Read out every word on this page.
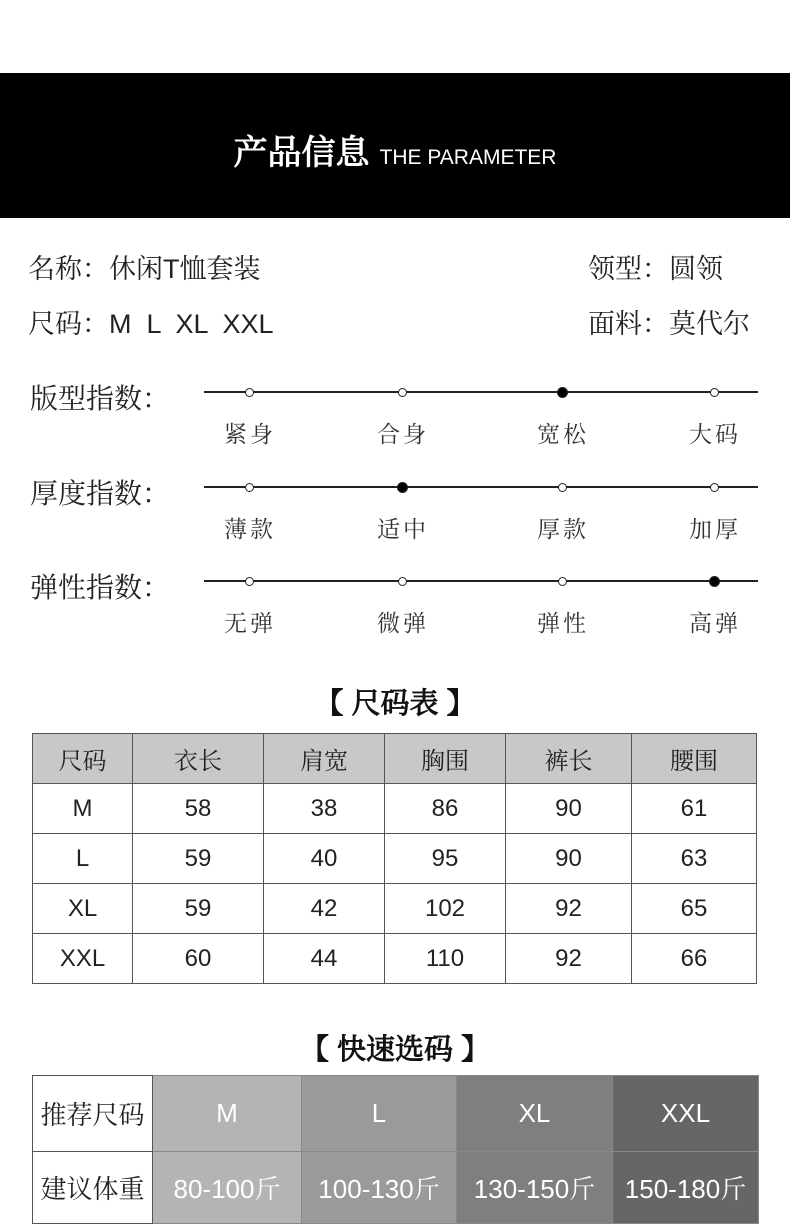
产品信息 THE PARAMETER
名称：休闲T恤套装	领型：圆领
尺码：M  L  XL  XXL	面料：莫代尔
版型指数：
紧身	合身	宽松	大码
厚度指数：
薄款	适中	厚款	加厚
弹性指数：
无弹	微弹	弹性	高弹
【 尺码表 】
尺码	衣长	肩宽	胸围	裤长	腰围
M	58	38	86	90	61
L	59	40	95	90	63
XL	59	42	102	92	65
XXL	60	44	110	92	66
【 快速选码 】
推荐尺码	M	L	XL	XXL
建议体重	80-100斤	100-130斤	130-150斤	150-180斤
